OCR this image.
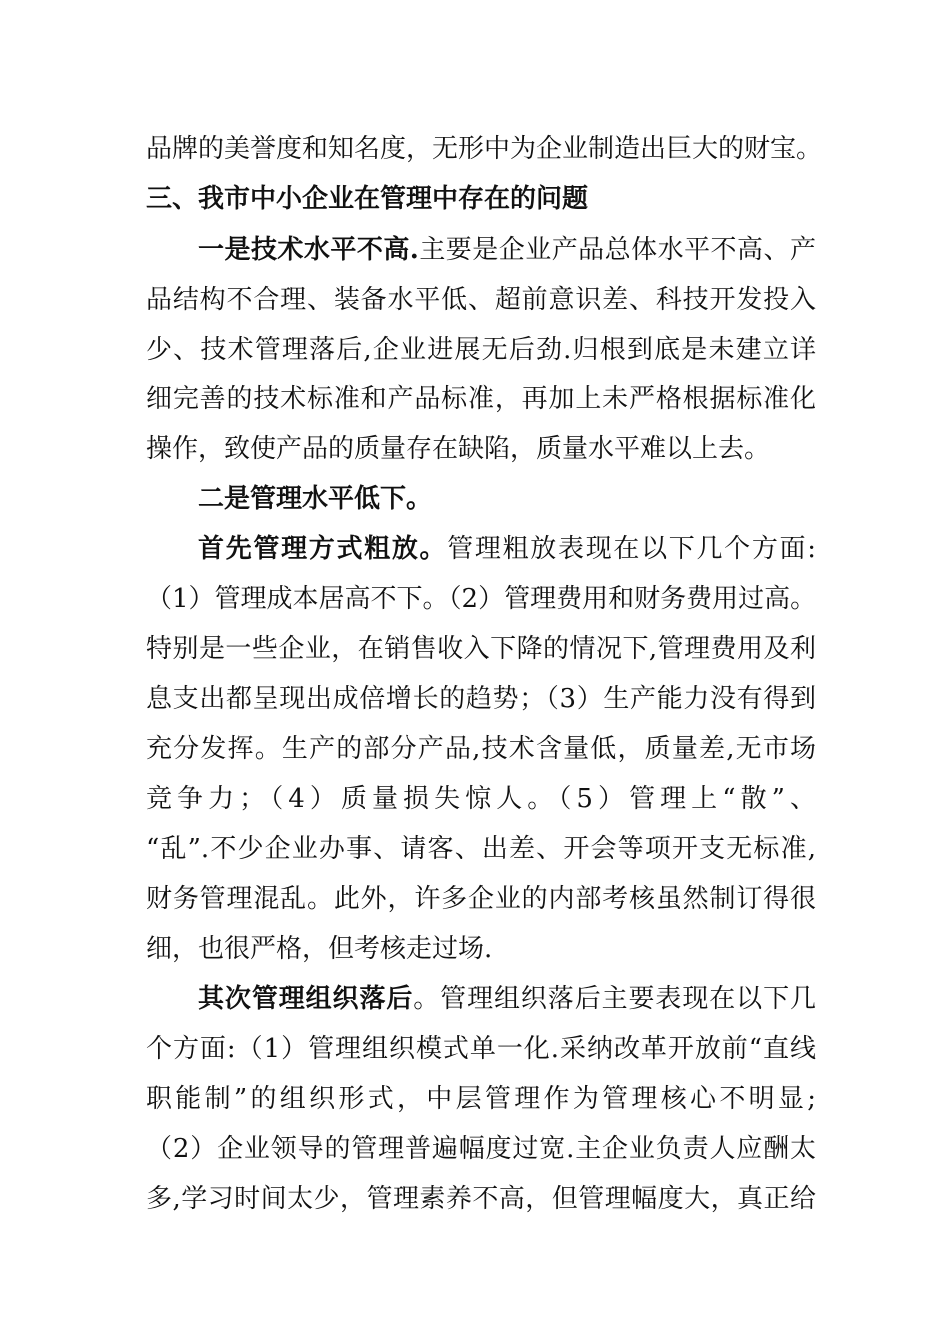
品牌的美誉度和知名度，无形中为企业制造出巨大的财宝。
三、我市中小企业在管理中存在的问题
一是技术水平不高.主要是企业产品总体水平不高、产
品结构不合理、装备水平低、超前意识差、科技开发投入
少、技术管理落后,企业进展无后劲.归根到底是未建立详
细完善的技术标准和产品标准，再加上未严格根据标准化
操作，致使产品的质量存在缺陷，质量水平难以上去。
二是管理水平低下。
首先管理方式粗放。管理粗放表现在以下几个方面:
（1）管理成本居高不下。（2）管理费用和财务费用过高。
特别是一些企业，在销售收入下降的情况下,管理费用及利
息支出都呈现出成倍增长的趋势；（3）生产能力没有得到
充分发挥。生产的部分产品,技术含量低，质量差,无市场
竞争力；（4）质量损失惊人。（5）管理上“散”、
“乱”.不少企业办事、请客、出差、开会等项开支无标准,
财务管理混乱。此外，许多企业的内部考核虽然制订得很
细，也很严格，但考核走过场.
其次管理组织落后。管理组织落后主要表现在以下几
个方面:（1）管理组织模式单一化.采纳改革开放前“直线
职能制”的组织形式，中层管理作为管理核心不明显;
（2）企业领导的管理普遍幅度过宽.主企业负责人应酬太
多,学习时间太少，管理素养不高，但管理幅度大，真正给
